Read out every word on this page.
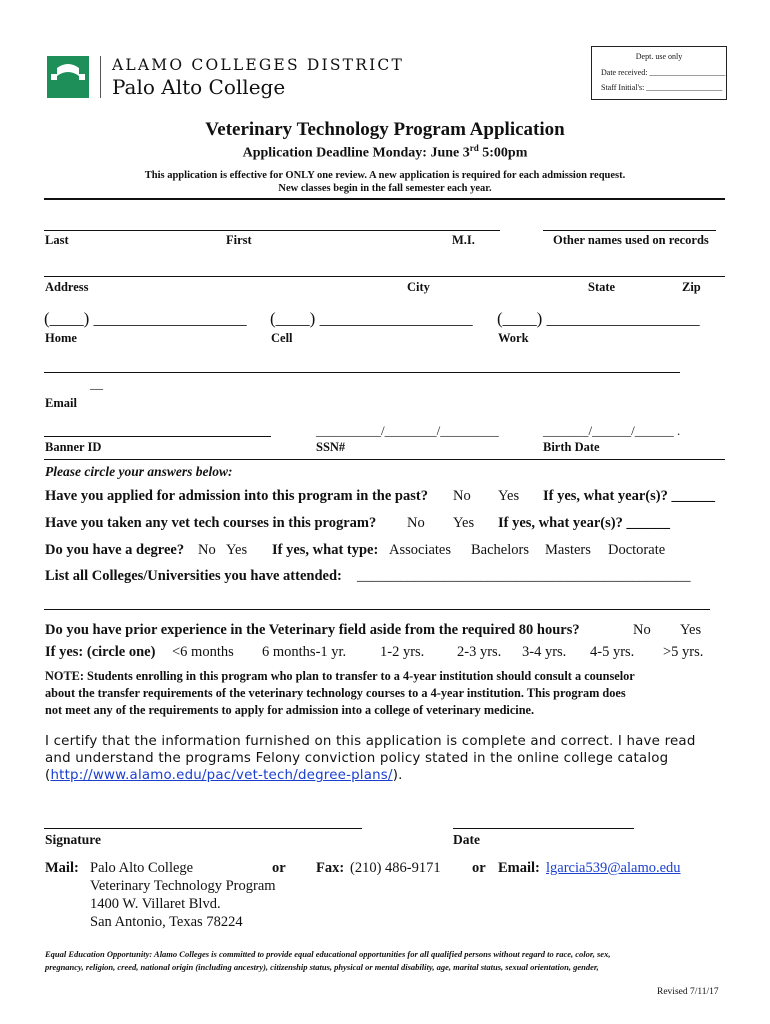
ALAMO COLLEGES DISTRICT
Palo Alto College
Dept. use only
Date received: ___________________
Staff Initial's: ___________________
Veterinary Technology Program Application
Application Deadline Monday: June 3rd 5:00pm
This application is effective for ONLY one review. A new application is required for each admission request.
New classes begin in the fall semester each year.
Last	First	M.I.	Other names used on records
Address	City	State	Zip
(____) __________________ (____) __________________ (____) __________________
Home	Cell	Work
__
Email
__________/________/_________	_______/______/______ .
Banner ID	SSN#	Birth Date
Please circle your answers below:
Have you applied for admission into this program in the past? No Yes If yes, what year(s)? ______
Have you taken any vet tech courses in this program? No Yes If yes, what year(s)? ______
Do you have a degree? No Yes If yes, what type: Associates Bachelors Masters Doctorate
List all Colleges/Universities you have attended: ______________________________________________
Do you have prior experience in the Veterinary field aside from the required 80 hours?	No Yes
If yes: (circle one) <6 months 6 months-1 yr. 1-2 yrs. 2-3 yrs. 3-4 yrs. 4-5 yrs. >5 yrs.
NOTE: Students enrolling in this program who plan to transfer to a 4-year institution should consult a counselor
about the transfer requirements of the veterinary technology courses to a 4-year institution. This program does
not meet any of the requirements to apply for admission into a college of veterinary medicine.
I certify that the information furnished on this application is complete and correct. I have read
and understand the programs Felony conviction policy stated in the online college catalog
(http://www.alamo.edu/pac/vet-tech/degree-plans/).
Signature	Date
Mail: Palo Alto College
Veterinary Technology Program
1400 W. Villaret Blvd.
San Antonio, Texas 78224
or Fax: (210) 486-9171 or Email: lgarcia539@alamo.edu
Equal Education Opportunity: Alamo Colleges is committed to provide equal educational opportunities for all qualified persons without regard to race, color, sex,
pregnancy, religion, creed, national origin (including ancestry), citizenship status, physical or mental disability, age, marital status, sexual orientation, gender,
Revised 7/11/17
